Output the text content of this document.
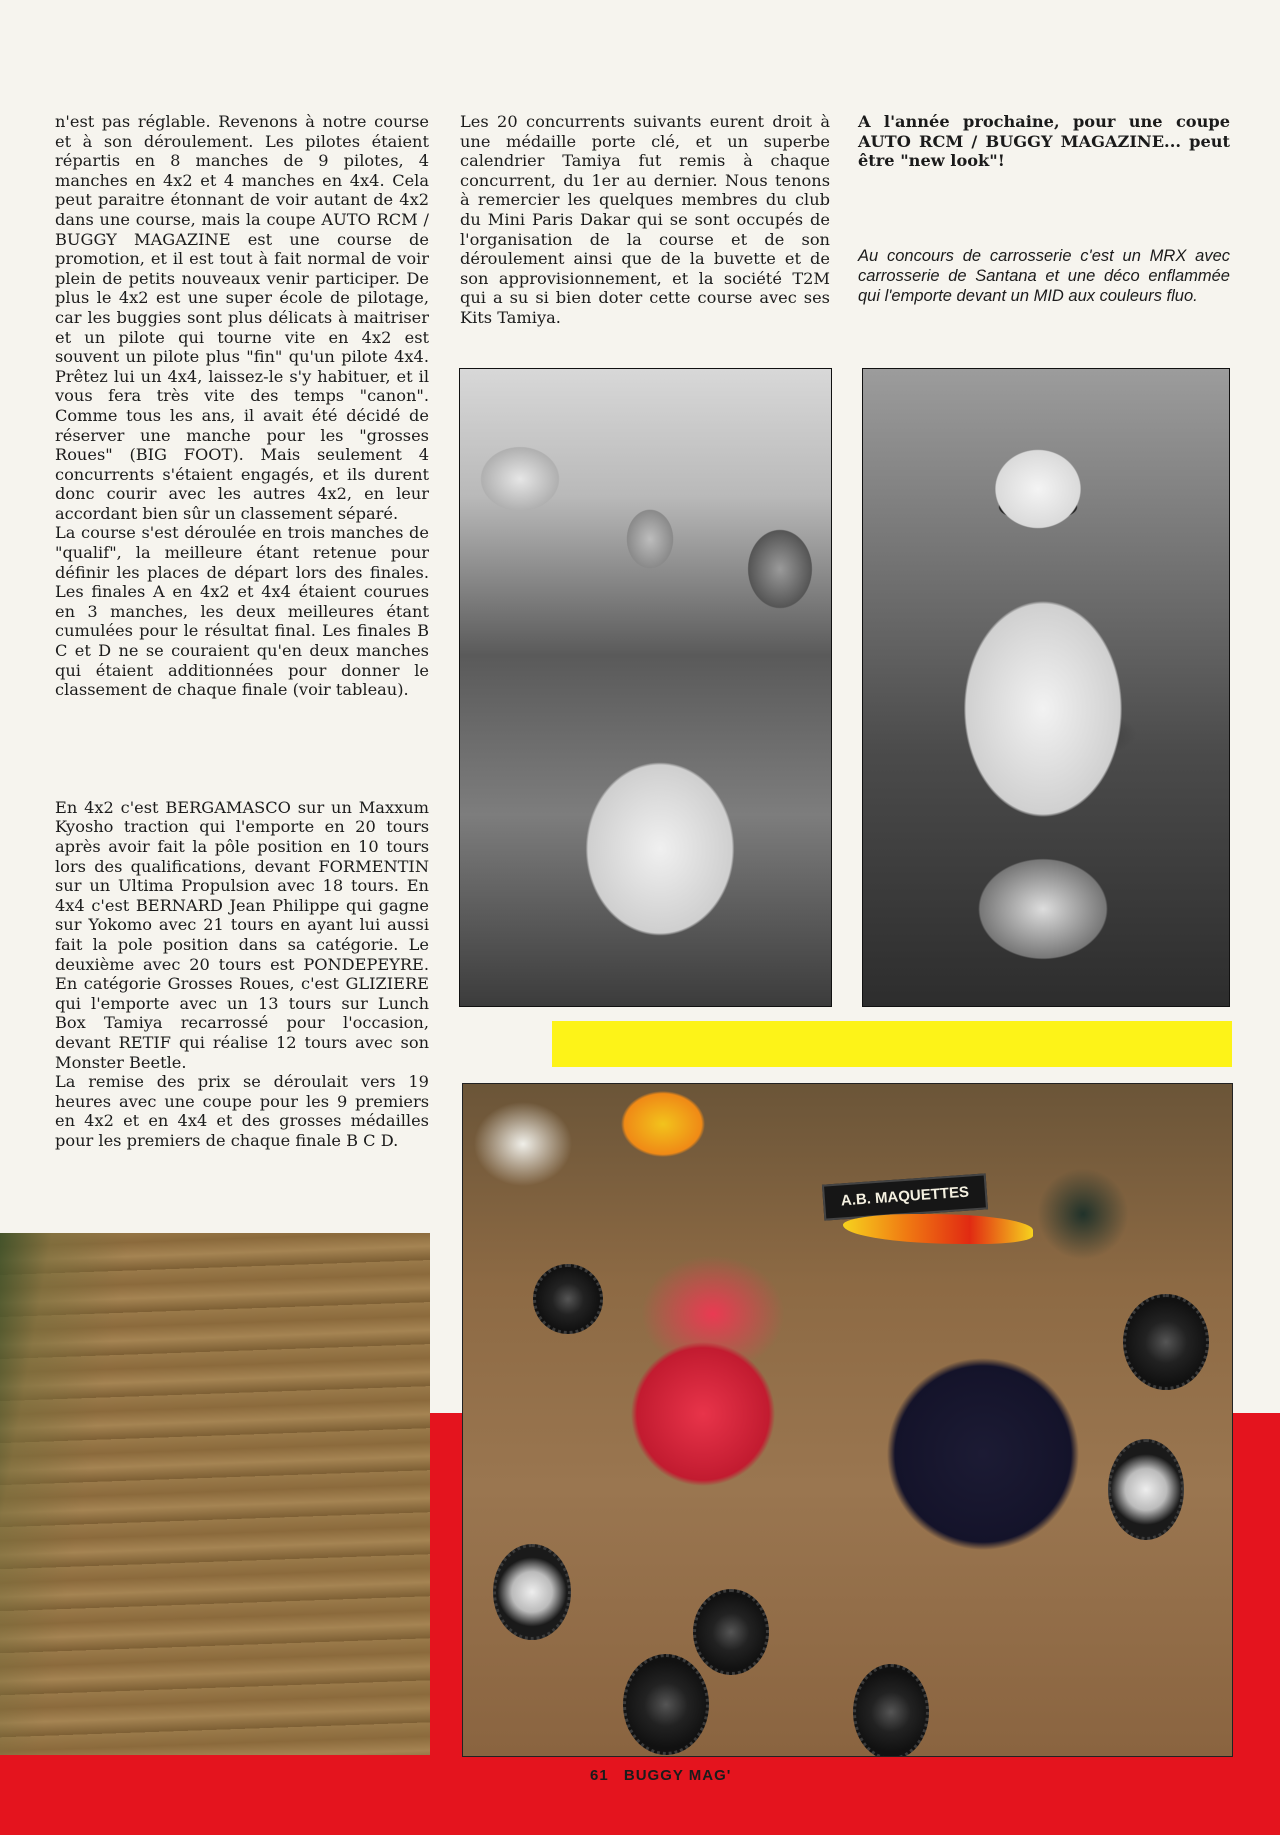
n'est pas réglable. Revenons à notre course et à son déroulement. Les pilotes étaient répartis en 8 manches de 9 pilotes, 4 manches en 4x2 et 4 manches en 4x4. Cela peut paraitre étonnant de voir autant de 4x2 dans une course, mais la coupe AUTO RCM / BUGGY MAGAZINE est une course de promotion, et il est tout à fait normal de voir plein de petits nouveaux venir participer. De plus le 4x2 est une super école de pilotage, car les buggies sont plus délicats à maitriser et un pilote qui tourne vite en 4x2 est souvent un pilote plus "fin" qu'un pilote 4x4. Prêtez lui un 4x4, laissez-le s'y habituer, et il vous fera très vite des temps "canon". Comme tous les ans, il avait été décidé de réserver une manche pour les "grosses Roues" (BIG FOOT). Mais seulement 4 concurrents s'étaient engagés, et ils durent donc courir avec les autres 4x2, en leur accordant bien sûr un classement séparé.

La course s'est déroulée en trois manches de "qualif", la meilleure étant retenue pour définir les places de départ lors des finales. Les finales A en 4x2 et 4x4 étaient courues en 3 manches, les deux meilleures étant cumulées pour le résultat final. Les finales B C et D ne se couraient qu'en deux manches qui étaient additionnées pour donner le classement de chaque finale (voir tableau).

En 4x2 c'est BERGAMASCO sur un Maxxum Kyosho traction qui l'emporte en 20 tours après avoir fait la pôle position en 10 tours lors des qualifications, devant FORMENTIN sur un Ultima Propulsion avec 18 tours. En 4x4 c'est BERNARD Jean Philippe qui gagne sur Yokomo avec 21 tours en ayant lui aussi fait la pole position dans sa catégorie. Le deuxième avec 20 tours est PONDEPEYRE. En catégorie Grosses Roues, c'est GLIZIERE qui l'emporte avec un 13 tours sur Lunch Box Tamiya recarrossé pour l'occasion, devant RETIF qui réalise 12 tours avec son Monster Beetle.

La remise des prix se déroulait vers 19 heures avec une coupe pour les 9 premiers en 4x2 et en 4x4 et des grosses médailles pour les premiers de chaque finale B C D.

Les 20 concurrents suivants eurent droit à une médaille porte clé, et un superbe calendrier Tamiya fut remis à chaque concurrent, du 1er au dernier. Nous tenons à remercier les quelques membres du club du Mini Paris Dakar qui se sont occupés de l'organisation de la course et de son déroulement ainsi que de la buvette et de son approvisionnement, et la société T2M qui a su si bien doter cette course avec ses Kits Tamiya.

A l'année prochaine, pour une coupe AUTO RCM / BUGGY MAGAZINE... peut être "new look"!

Au concours de carrosserie c'est un MRX avec carrosserie de Santana et une déco enflammée qui l'emporte devant un MID aux couleurs fluo.

A.B. MAQUETTES
61 BUGGY MAG'
